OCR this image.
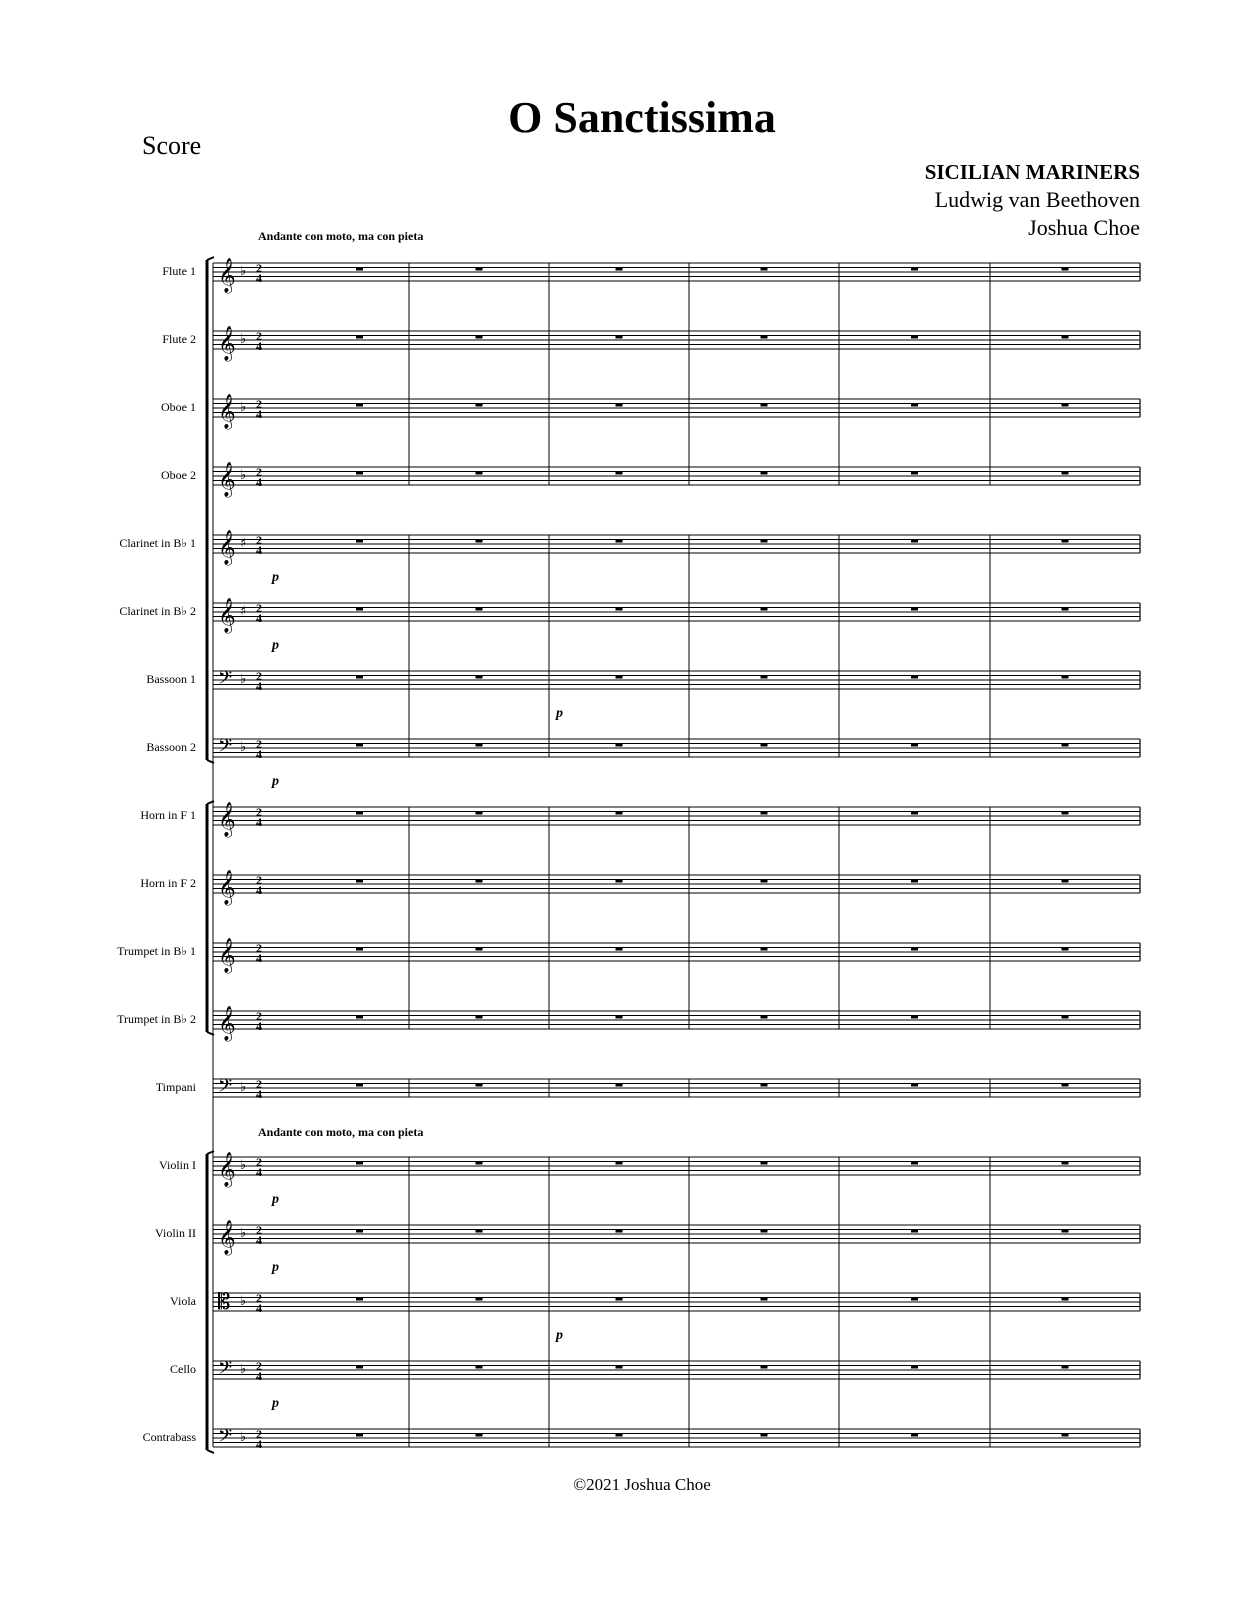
O Sanctissima
Score
SICILIAN MARINERS
Ludwig van Beethoven
Joshua Choe
Andante con moto, ma con pieta
Andante con moto, ma con pieta
Flute 1
Flute 2
Oboe 1
Oboe 2
Clarinet in B♭ 1
Clarinet in B♭ 2
Bassoon 1
Bassoon 2
Horn in F 1
Horn in F 2
Trumpet in B♭ 1
Trumpet in B♭ 2
Timpani
Violin I
Violin II
Viola
Cello
Contrabass
𝄞 ♭ 2
4
𝄞 ♭ 2
4
𝄞 ♭ 2
4
𝄞 ♭ 2
4
𝄞 ♯ 2
4
𝄞 ♯ 2
4
𝄢 ♭ 2
4
𝄢 ♭ 2
4
𝄞 2
4
𝄞 2
4
𝄞 2
4
𝄞 2
4
𝄢 ♭ 2
4
𝄞 ♭ 2
4
𝄞 ♭ 2
4
𝄡 ♭ 2
4
𝄢 ♭ 2
4
𝄢 ♭ 2
4
p
p
p
p
p
p
p
p
©2021 Joshua Choe
